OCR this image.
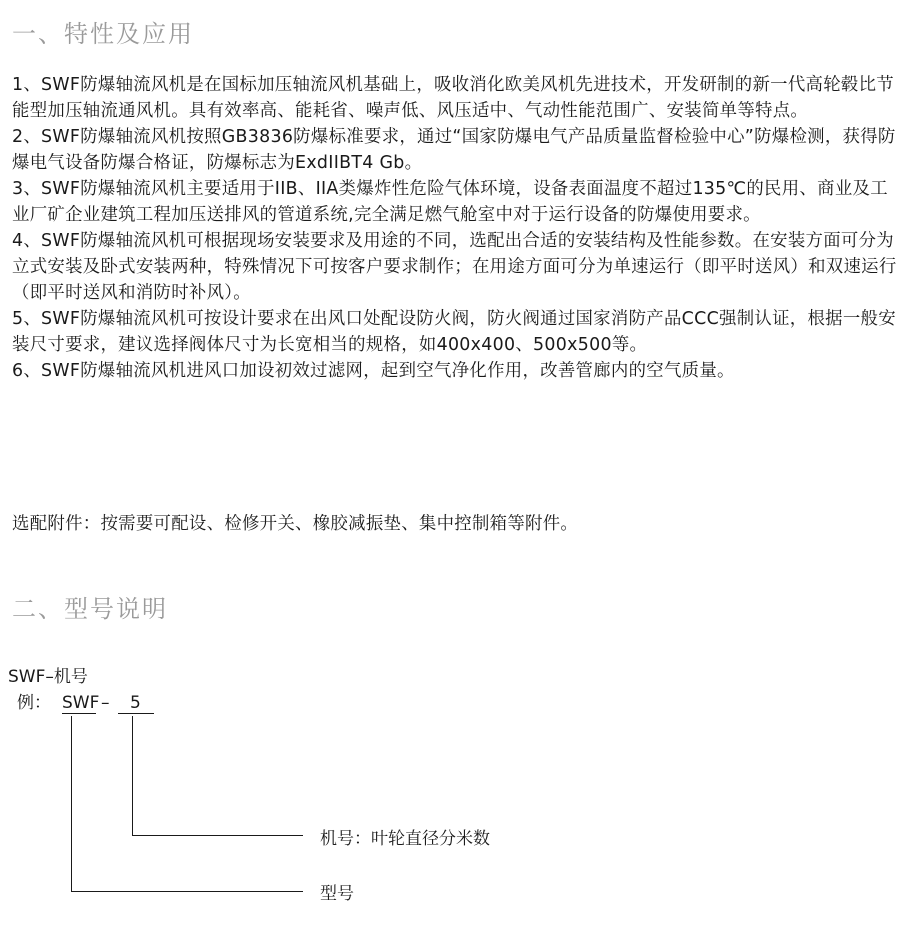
一、特性及应用

1、SWF防爆轴流风机是在国标加压轴流风机基础上，吸收消化欧美风机先进技术，开发研制的新一代高轮毂比节能型加压轴流通风机。具有效率高、能耗省、噪声低、风压适中、气动性能范围广、安装简单等特点。

2、SWF防爆轴流风机按照GB3836防爆标准要求，通过“国家防爆电气产品质量监督检验中心”防爆检测，获得防爆电气设备防爆合格证，防爆标志为ExdIIBT4 Gb。

3、SWF防爆轴流风机主要适用于IIB、IIA类爆炸性危险气体环境，设备表面温度不超过135℃的民用、商业及工业厂矿企业建筑工程加压送排风的管道系统,完全满足燃气舱室中对于运行设备的防爆使用要求。

4、SWF防爆轴流风机可根据现场安装要求及用途的不同，选配出合适的安装结构及性能参数。在安装方面可分为立式安装及卧式安装两种，特殊情况下可按客户要求制作；在用途方面可分为单速运行（即平时送风）和双速运行（即平时送风和消防时补风）。

5、SWF防爆轴流风机可按设计要求在出风口处配设防火阀，防火阀通过国家消防产品CCC强制认证，根据一般安装尺寸要求，建议选择阀体尺寸为长宽相当的规格，如400x400、500x500等。

6、SWF防爆轴流风机进风口加设初效过滤网，起到空气净化作用，改善管廊内的空气质量。

选配附件：按需要可配设、检修开关、橡胶减振垫、集中控制箱等附件。

二、型号说明

SWF–机号

例： SWF – 5
机号：叶轮直径分米数
型号
